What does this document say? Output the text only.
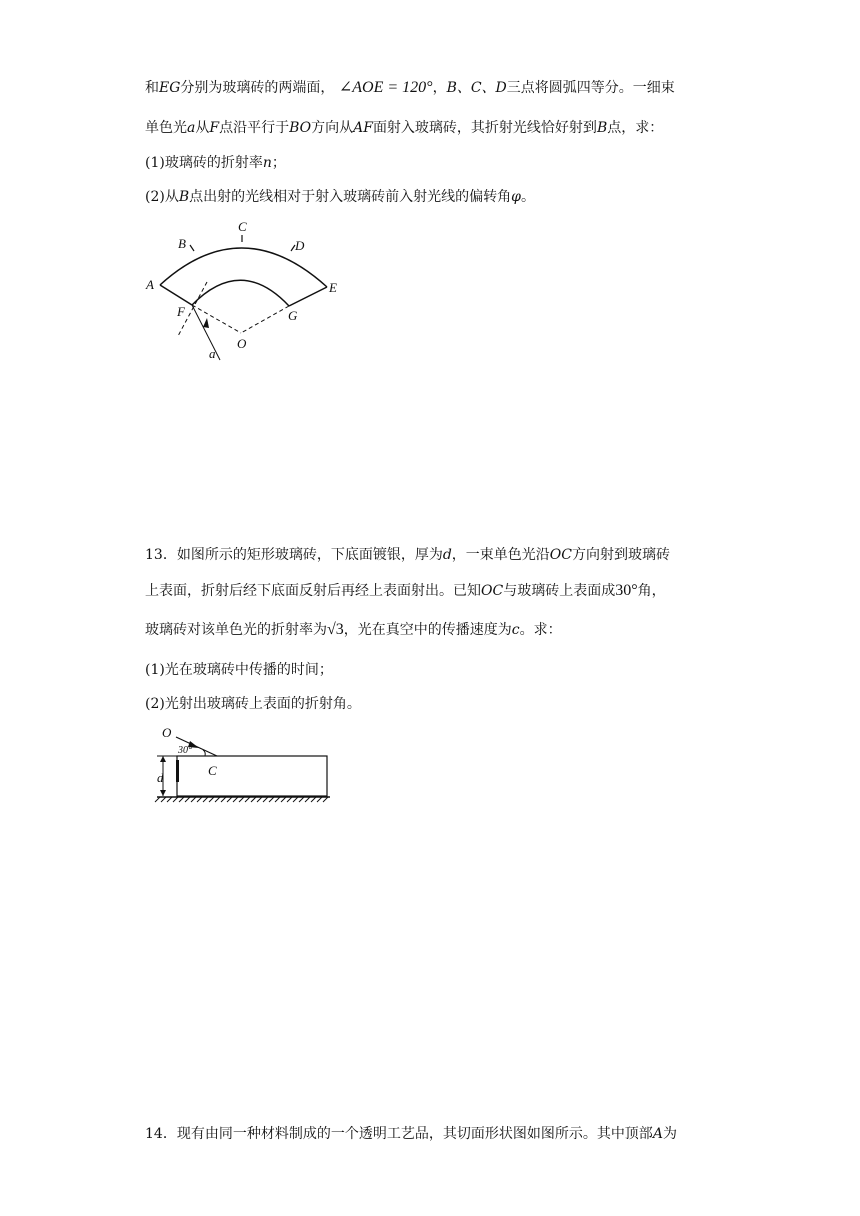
和EG分别为玻璃砖的两端面， ∠AOE = 120°，B、C、D三点将圆弧四等分。一细束
单色光a从F点沿平行于BO方向从AF面射入玻璃砖，其折射光线恰好射到B点，求：
(1)玻璃砖的折射率n；
(2)从B点出射的光线相对于射入玻璃砖前入射光线的偏转角φ。
A
B
C
D
E
F	G
O
a
13．如图所示的矩形玻璃砖，下底面镀银，厚为d，一束单色光沿OC方向射到玻璃砖
上表面，折射后经下底面反射后再经上表面射出。已知OC与玻璃砖上表面成30°角，
玻璃砖对该单色光的折射率为√3，光在真空中的传播速度为c。求：
(1)光在玻璃砖中传播的时间；
(2)光射出玻璃砖上表面的折射角。
O
30°
C
d
14．现有由同一种材料制成的一个透明工艺品，其切面形状图如图所示。其中顶部A为
